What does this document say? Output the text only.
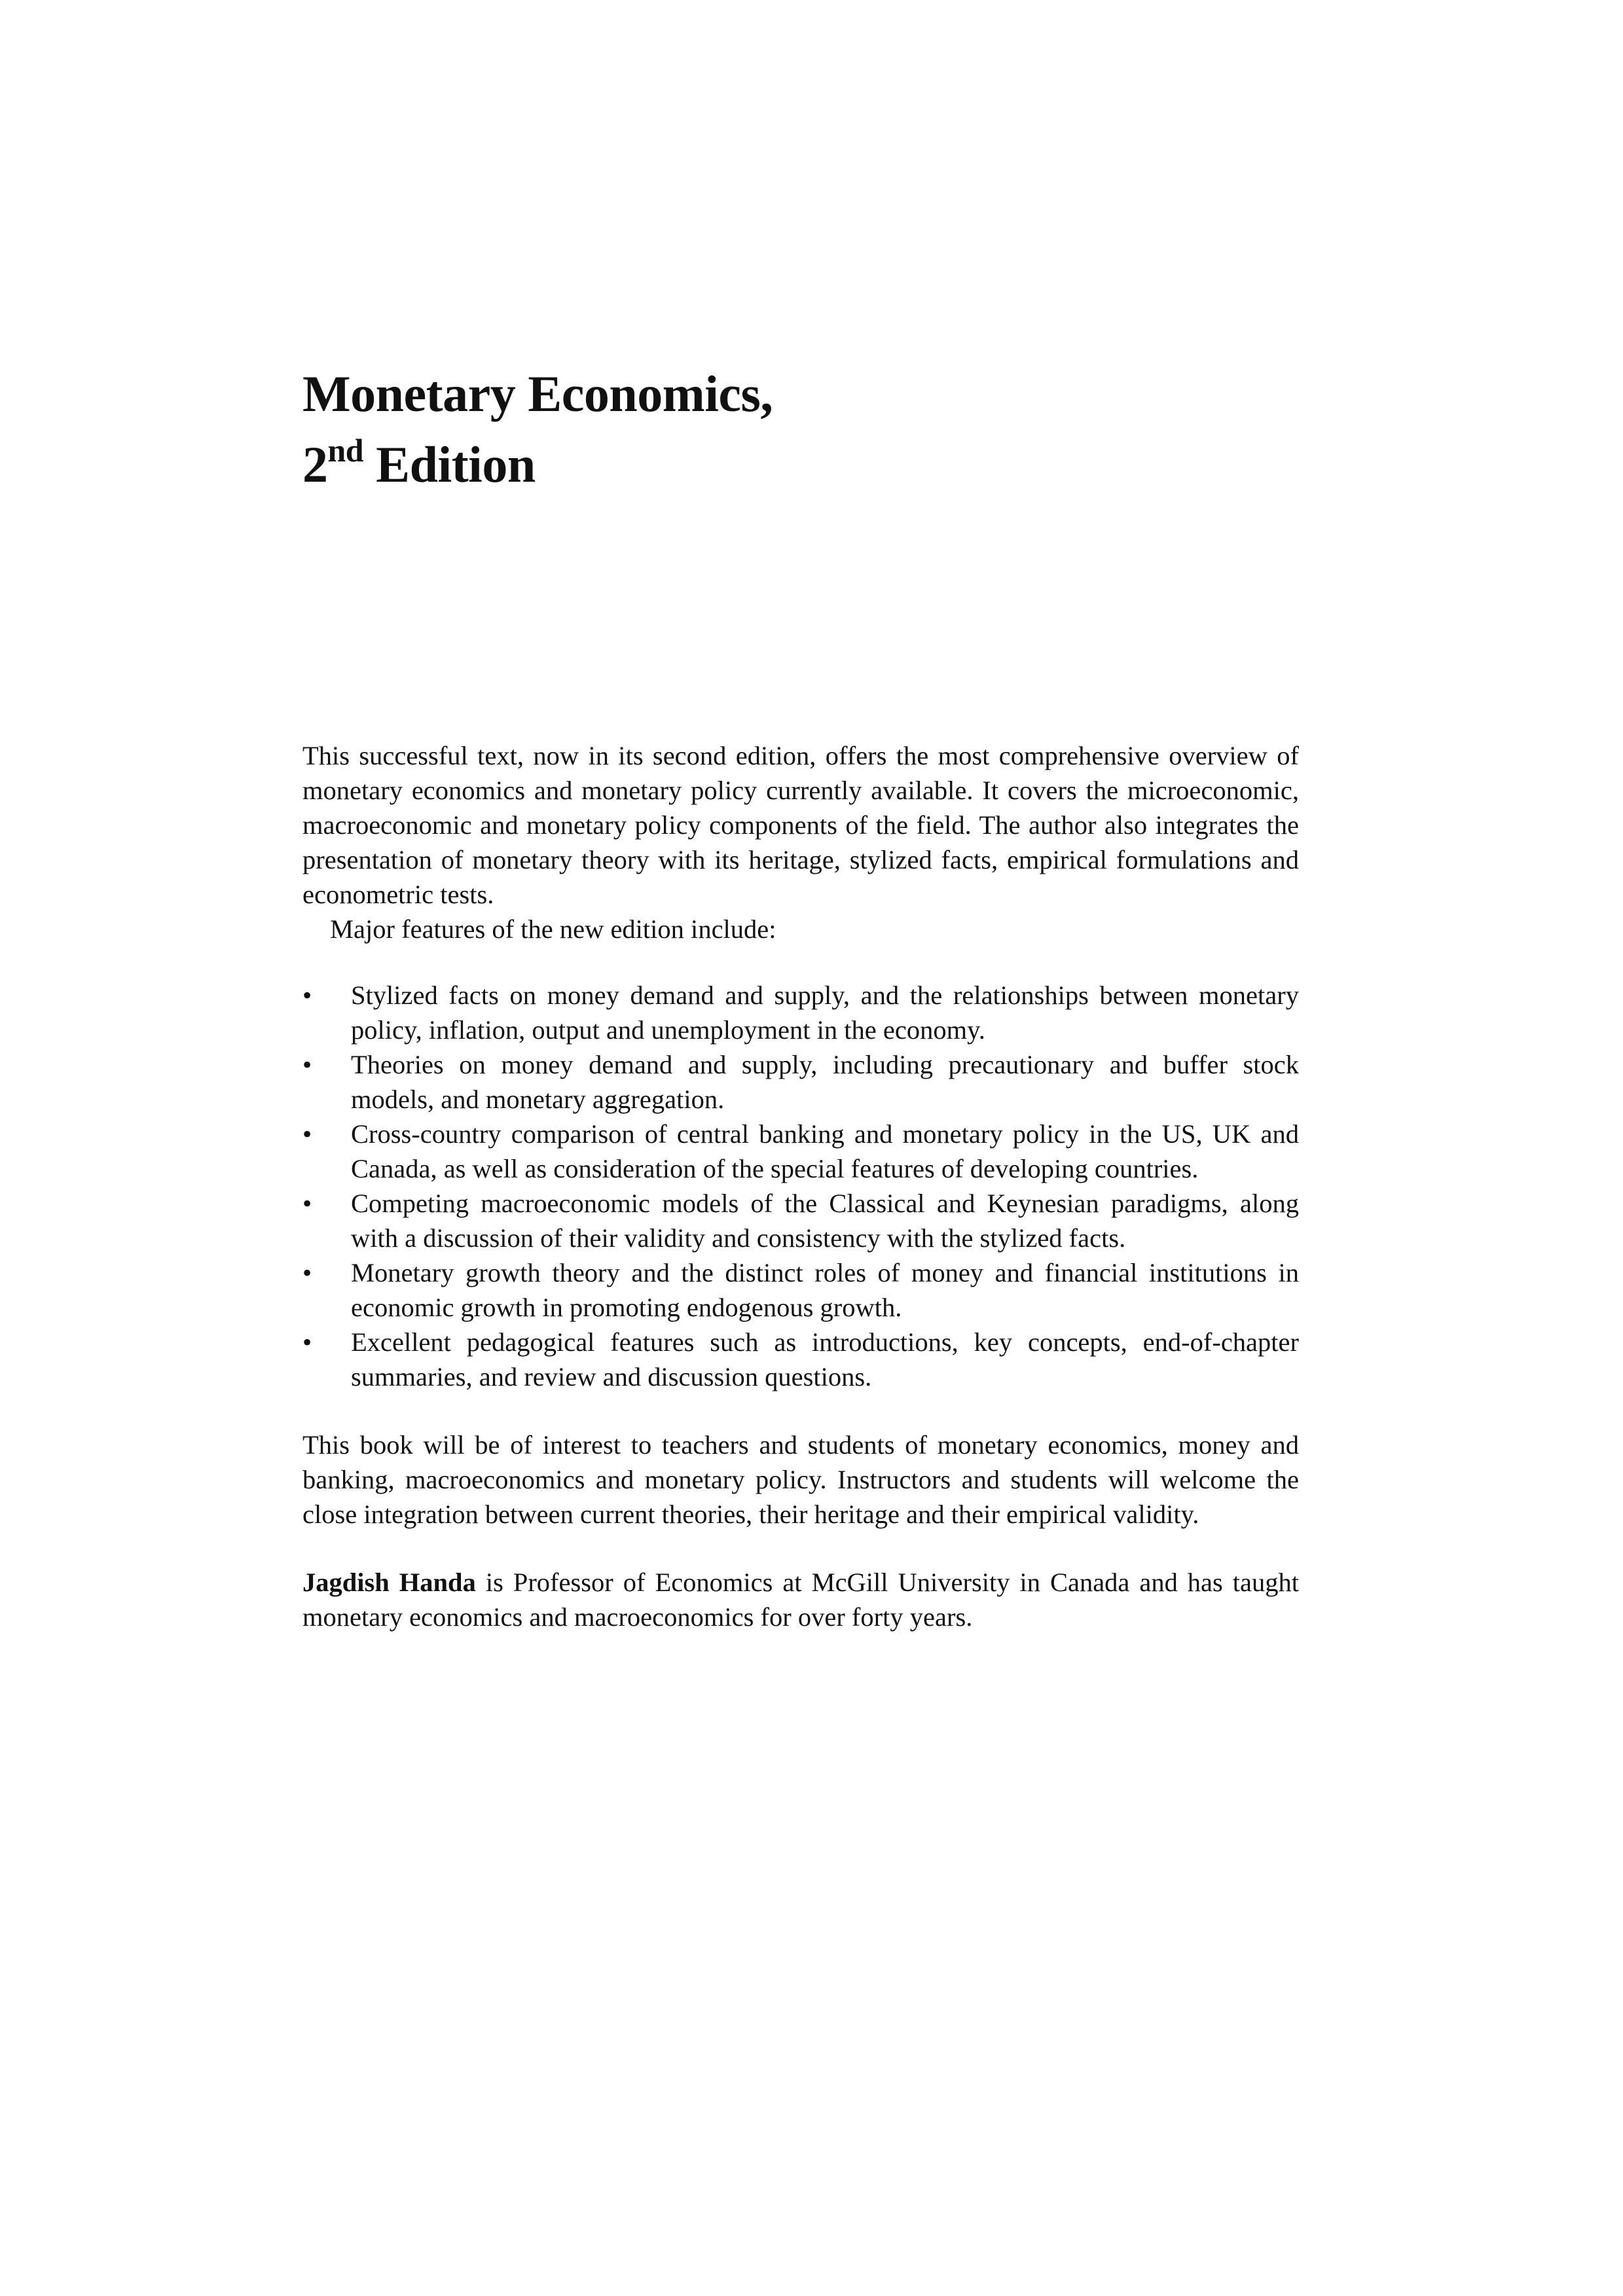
Monetary Economics,
2nd Edition

This successful text, now in its second edition, offers the most comprehensive overview of monetary economics and monetary policy currently available. It covers the microeconomic, macroeconomic and monetary policy components of the field. The author also integrates the presentation of monetary theory with its heritage, stylized facts, empirical formulations and econometric tests.

Major features of the new edition include:

• Stylized facts on money demand and supply, and the relationships between monetary policy, inflation, output and unemployment in the economy.
• Theories on money demand and supply, including precautionary and buffer stock models, and monetary aggregation.
• Cross-country comparison of central banking and monetary policy in the US, UK and Canada, as well as consideration of the special features of developing countries.
• Competing macroeconomic models of the Classical and Keynesian paradigms, along with a discussion of their validity and consistency with the stylized facts.
• Monetary growth theory and the distinct roles of money and financial institutions in economic growth in promoting endogenous growth.
• Excellent pedagogical features such as introductions, key concepts, end-of-chapter summaries, and review and discussion questions.

This book will be of interest to teachers and students of monetary economics, money and banking, macroeconomics and monetary policy. Instructors and students will welcome the close integration between current theories, their heritage and their empirical validity.

Jagdish Handa is Professor of Economics at McGill University in Canada and has taught monetary economics and macroeconomics for over forty years.
